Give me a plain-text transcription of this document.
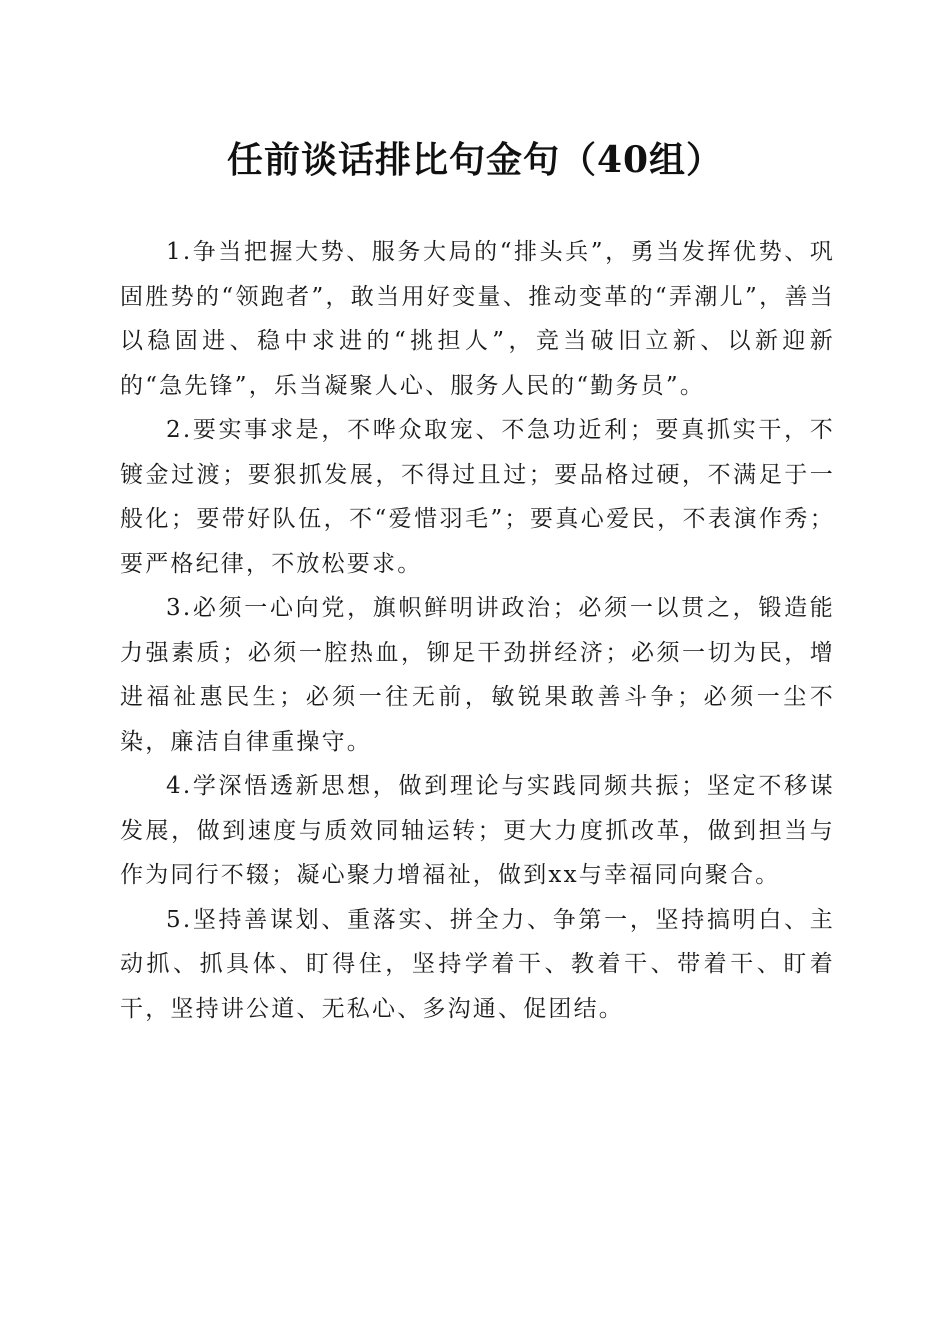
任前谈话排比句金句（40组）

1.争当把握大势、服务大局的“排头兵”，勇当发挥优势、巩固胜势的“领跑者”，敢当用好变量、推动变革的“弄潮儿”，善当以稳固进、稳中求进的“挑担人”，竞当破旧立新、以新迎新的“急先锋”，乐当凝聚人心、服务人民的“勤务员”。

2.要实事求是，不哗众取宠、不急功近利；要真抓实干，不镀金过渡；要狠抓发展，不得过且过；要品格过硬，不满足于一般化；要带好队伍，不“爱惜羽毛”；要真心爱民，不表演作秀；要严格纪律，不放松要求。

3.必须一心向党，旗帜鲜明讲政治；必须一以贯之，锻造能力强素质；必须一腔热血，铆足干劲拼经济；必须一切为民，增进福祉惠民生；必须一往无前，敏锐果敢善斗争；必须一尘不染，廉洁自律重操守。

4.学深悟透新思想，做到理论与实践同频共振；坚定不移谋发展，做到速度与质效同轴运转；更大力度抓改革，做到担当与作为同行不辍；凝心聚力增福祉，做到xx与幸福同向聚合。

5.坚持善谋划、重落实、拼全力、争第一，坚持搞明白、主动抓、抓具体、盯得住，坚持学着干、教着干、带着干、盯着干，坚持讲公道、无私心、多沟通、促团结。
